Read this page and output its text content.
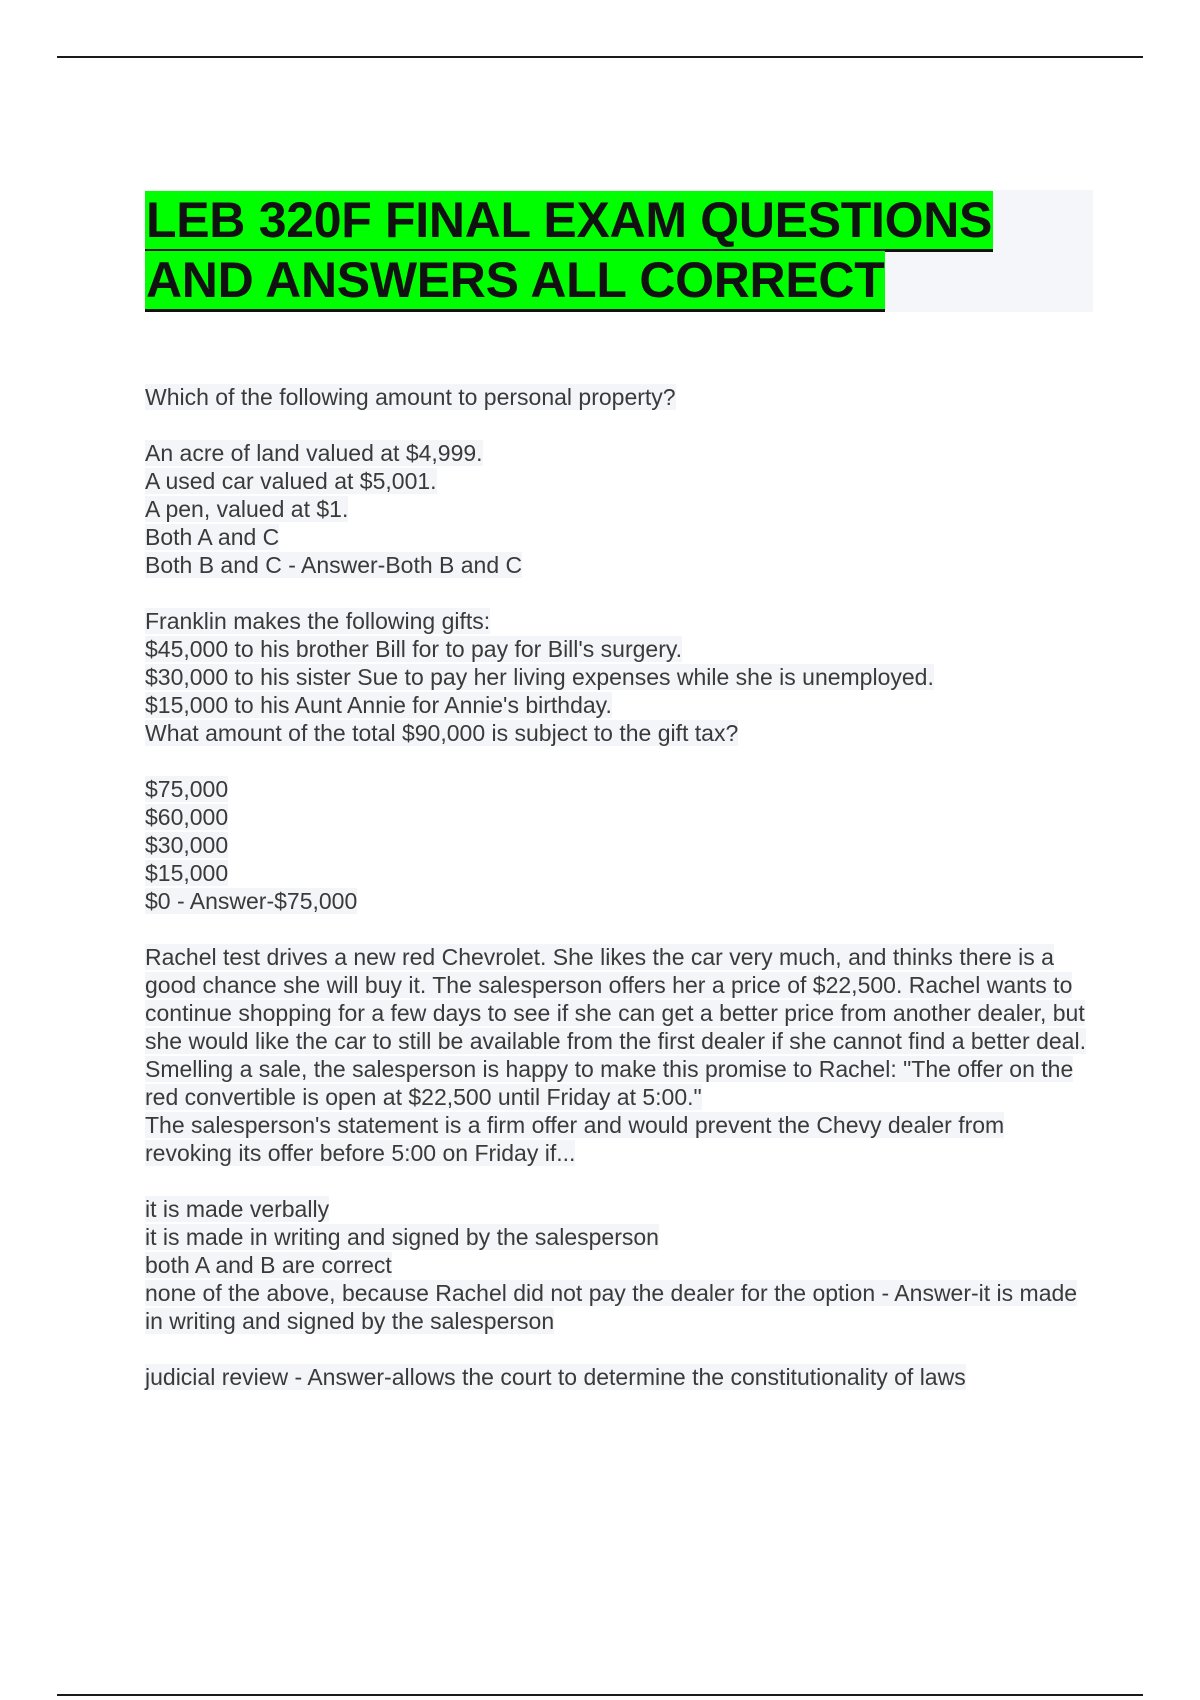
LEB 320F FINAL EXAM QUESTIONS
AND ANSWERS ALL CORRECT
Which of the following amount to personal property?
An acre of land valued at $4,999.
A used car valued at $5,001.
A pen, valued at $1.
Both A and C
Both B and C - Answer-Both B and C
Franklin makes the following gifts:
$45,000 to his brother Bill for to pay for Bill's surgery.
$30,000 to his sister Sue to pay her living expenses while she is unemployed.
$15,000 to his Aunt Annie for Annie's birthday.
What amount of the total $90,000 is subject to the gift tax?
$75,000
$60,000
$30,000
$15,000
$0 - Answer-$75,000
Rachel test drives a new red Chevrolet. She likes the car very much, and thinks there is a good chance she will buy it. The salesperson offers her a price of $22,500. Rachel wants to continue shopping for a few days to see if she can get a better price from another dealer, but she would like the car to still be available from the first dealer if she cannot find a better deal. Smelling a sale, the salesperson is happy to make this promise to Rachel: "The offer on the red convertible is open at $22,500 until Friday at 5:00."
The salesperson's statement is a firm offer and would prevent the Chevy dealer from revoking its offer before 5:00 on Friday if...
it is made verbally
it is made in writing and signed by the salesperson
both A and B are correct
none of the above, because Rachel did not pay the dealer for the option - Answer-it is made in writing and signed by the salesperson
judicial review - Answer-allows the court to determine the constitutionality of laws
